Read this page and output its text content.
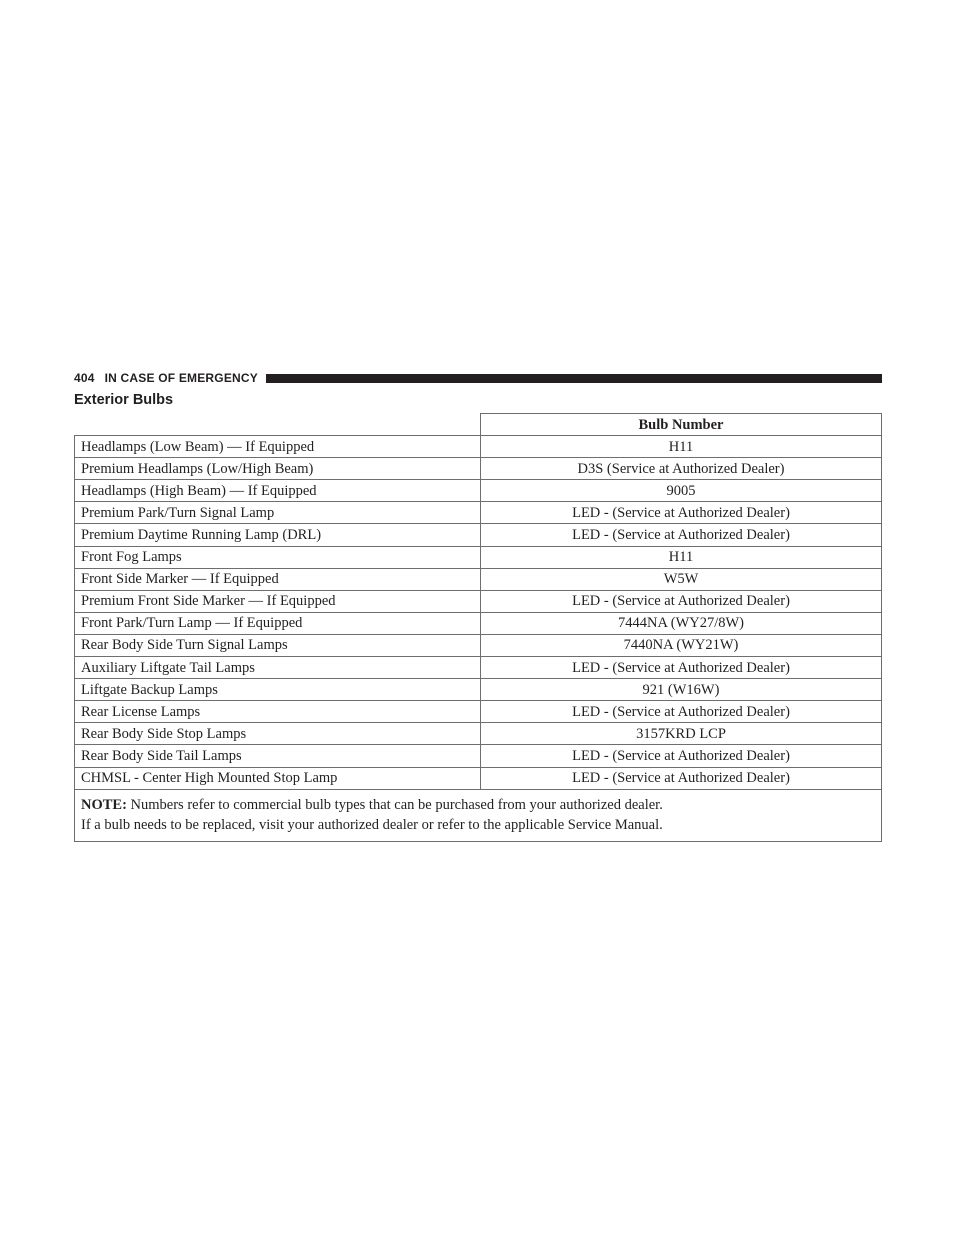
404 IN CASE OF EMERGENCY
Exterior Bulbs
	Bulb Number
Headlamps (Low Beam) — If Equipped	H11
Premium Headlamps (Low/High Beam)	D3S (Service at Authorized Dealer)
Headlamps (High Beam) — If Equipped	9005
Premium Park/Turn Signal Lamp	LED - (Service at Authorized Dealer)
Premium Daytime Running Lamp (DRL)	LED - (Service at Authorized Dealer)
Front Fog Lamps	H11
Front Side Marker — If Equipped	W5W
Premium Front Side Marker — If Equipped	LED - (Service at Authorized Dealer)
Front Park/Turn Lamp — If Equipped	7444NA (WY27/8W)
Rear Body Side Turn Signal Lamps	7440NA (WY21W)
Auxiliary Liftgate Tail Lamps	LED - (Service at Authorized Dealer)
Liftgate Backup Lamps	921 (W16W)
Rear License Lamps	LED - (Service at Authorized Dealer)
Rear Body Side Stop Lamps	3157KRD LCP
Rear Body Side Tail Lamps	LED - (Service at Authorized Dealer)
CHMSL - Center High Mounted Stop Lamp	LED - (Service at Authorized Dealer)
NOTE: Numbers refer to commercial bulb types that can be purchased from your authorized dealer.
If a bulb needs to be replaced, visit your authorized dealer or refer to the applicable Service Manual.	
